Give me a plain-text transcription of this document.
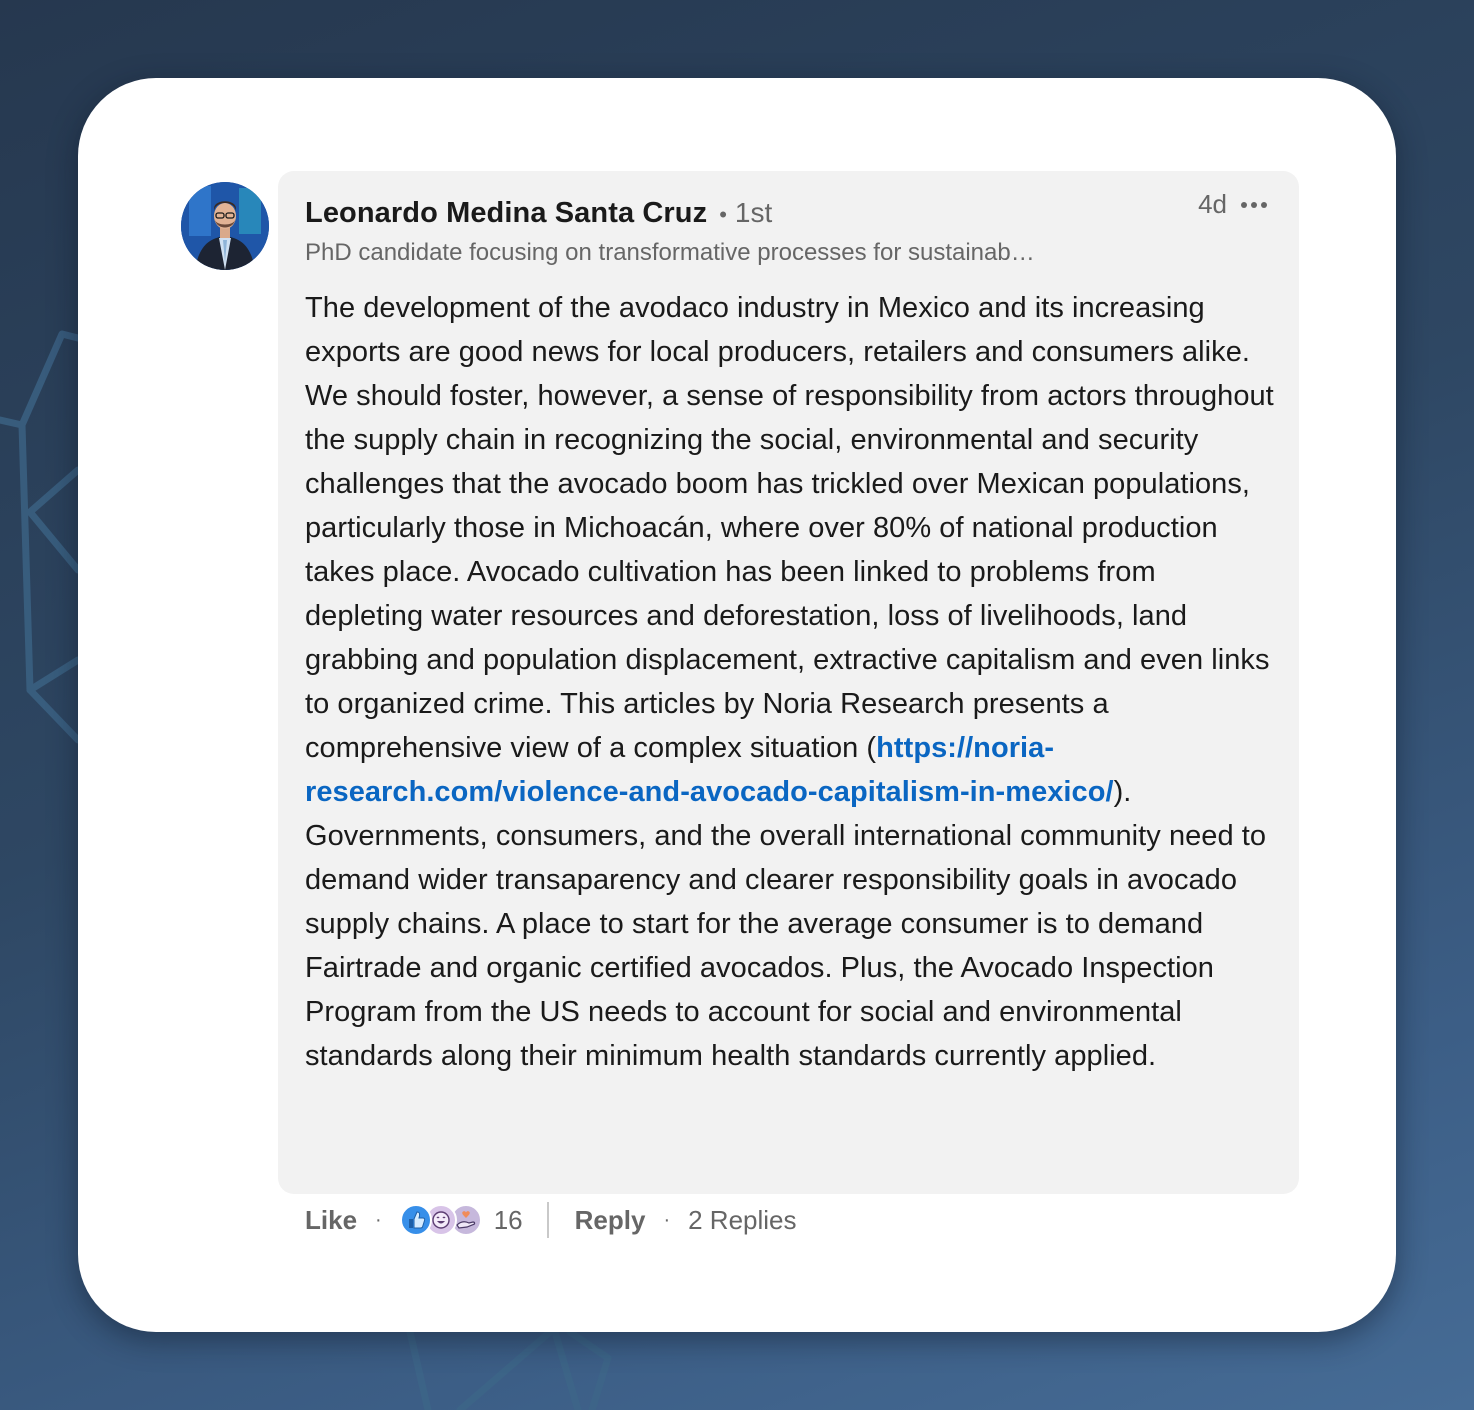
Leonardo Medina Santa Cruz • 1st
PhD candidate focusing on transformative processes for sustainab…
4d
The development of the avodaco industry in Mexico and its increasing exports are good news for local producers, retailers and consumers alike. We should foster, however, a sense of responsibility from actors throughout the supply chain in recognizing the social, environmental and security challenges that the avocado boom has trickled over Mexican populations, particularly those in Michoacán, where over 80% of national production takes place. Avocado cultivation has been linked to problems from depleting water resources and deforestation, loss of livelihoods, land grabbing and population displacement, extractive capitalism and even links to organized crime. This articles by Noria Research presents a comprehensive view of a complex situation (https://noria-research.com/violence-and-avocado-capitalism-in-mexico/). Governments, consumers, and the overall international community need to demand wider transaparency and clearer responsibility goals in avocado supply chains. A place to start for the average consumer is to demand Fairtrade and organic certified avocados. Plus, the Avocado Inspection Program from the US needs to account for social and environmental standards along their minimum health standards currently applied.
Like ·	16 Reply · 2 Replies
